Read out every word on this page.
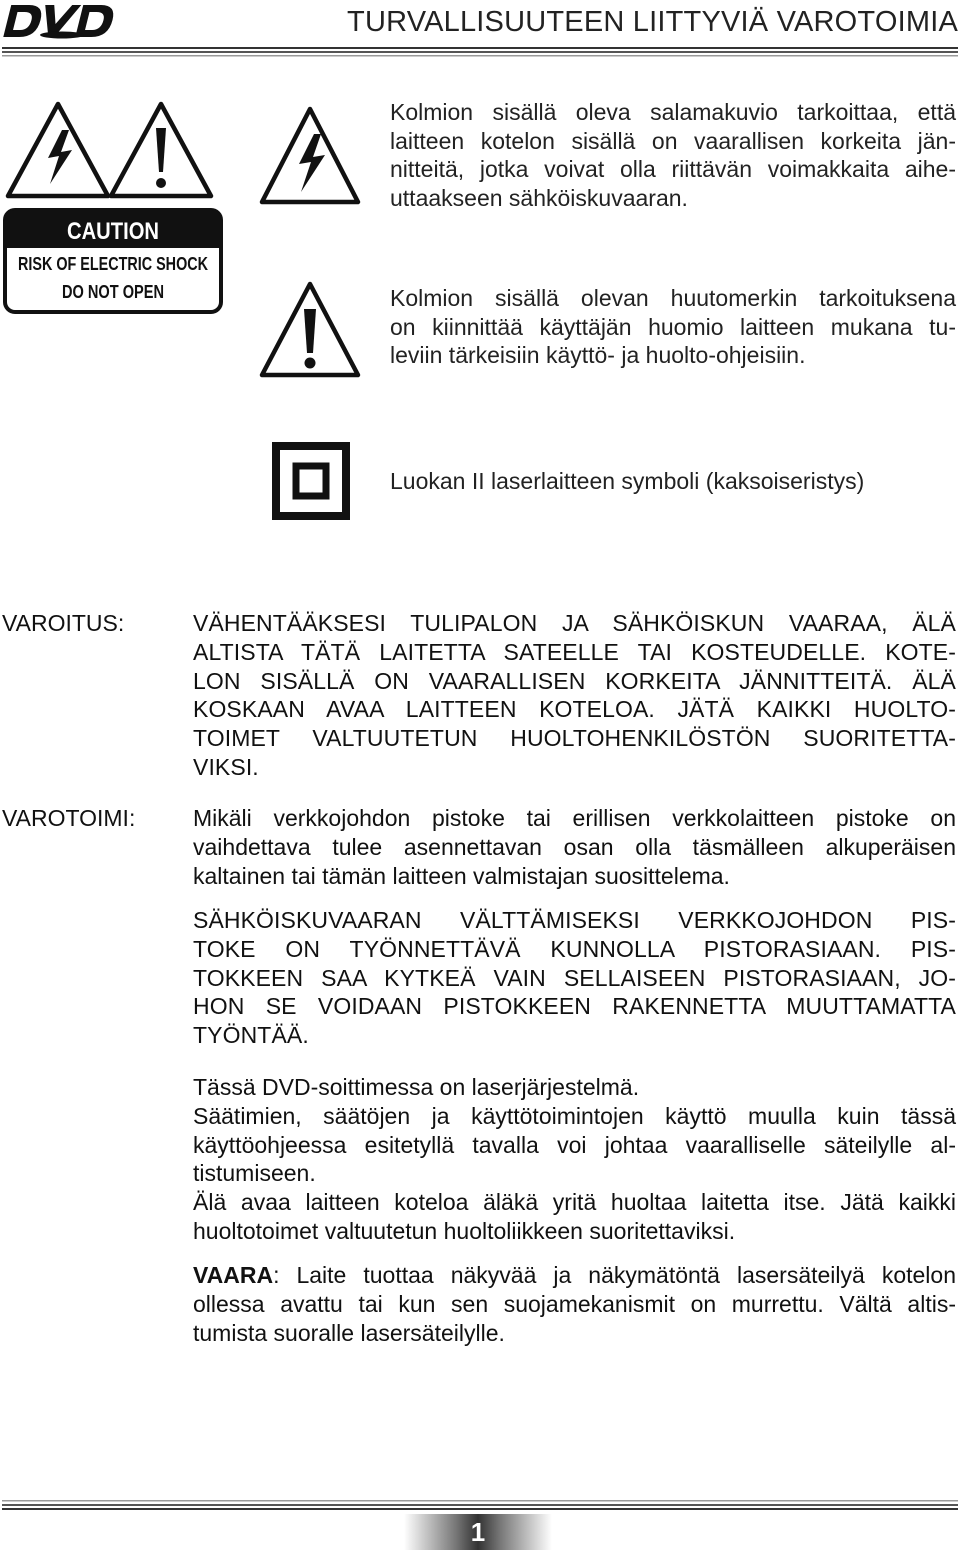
TURVALLISUUTEEN LIITTYVIÄ VAROTOIMIA
CAUTION
RISK OF ELECTRIC SHOCK
DO NOT OPEN
Kolmion sisällä oleva salamakuvio tarkoittaa, että
laitteen kotelon sisällä on vaarallisen korkeita jän-
nitteitä, jotka voivat olla riittävän voimakkaita aihe-
uttaakseen sähköiskuvaaran.
Kolmion sisällä olevan huutomerkin tarkoituksena
on kiinnittää käyttäjän huomio laitteen mukana tu-
leviin tärkeisiin käyttö- ja huolto-ohjeisiin.
Luokan II laserlaitteen symboli (kaksoiseristys)
VAROITUS:	VÄHENTÄÄKSESI TULIPALON JA SÄHKÖISKUN VAARAA, ÄLÄ
ALTISTA TÄTÄ LAITETTA SATEELLE TAI KOSTEUDELLE. KOTE-
LON SISÄLLÄ ON VAARALLISEN KORKEITA JÄNNITTEITÄ. ÄLÄ
KOSKAAN AVAA LAITTEEN KOTELOA. JÄTÄ KAIKKI HUOLTO-
TOIMET VALTUUTETUN HUOLTOHENKILÖSTÖN SUORITETTA-
VIKSI.
VAROTOIMI:	Mikäli verkkojohdon pistoke tai erillisen verkkolaitteen pistoke on
vaihdettava tulee asennettavan osan olla täsmälleen alkuperäisen
kaltainen tai tämän laitteen valmistajan suosittelema.
SÄHKÖISKUVAARAN VÄLTTÄMISEKSI VERKKOJOHDON PIS-
TOKE ON TYÖNNETTÄVÄ KUNNOLLA PISTORASIAAN. PIS-
TOKKEEN SAA KYTKEÄ VAIN SELLAISEEN PISTORASIAAN, JO-
HON SE VOIDAAN PISTOKKEEN RAKENNETTA MUUTTAMATTA
TYÖNTÄÄ.
Tässä DVD-soittimessa on laserjärjestelmä.
Säätimien, säätöjen ja käyttötoimintojen käyttö muulla kuin tässä
käyttöohjeessa esitetyllä tavalla voi johtaa vaaralliselle säteilylle al-
tistumiseen.
Älä avaa laitteen koteloa äläkä yritä huoltaa laitetta itse. Jätä kaikki
huoltotoimet valtuutetun huoltoliikkeen suoritettaviksi.
VAARA: Laite tuottaa näkyvää ja näkymätöntä lasersäteilyä kotelon
ollessa avattu tai kun sen suojamekanismit on murrettu. Vältä altis-
tumista suoralle lasersäteilylle.
1
